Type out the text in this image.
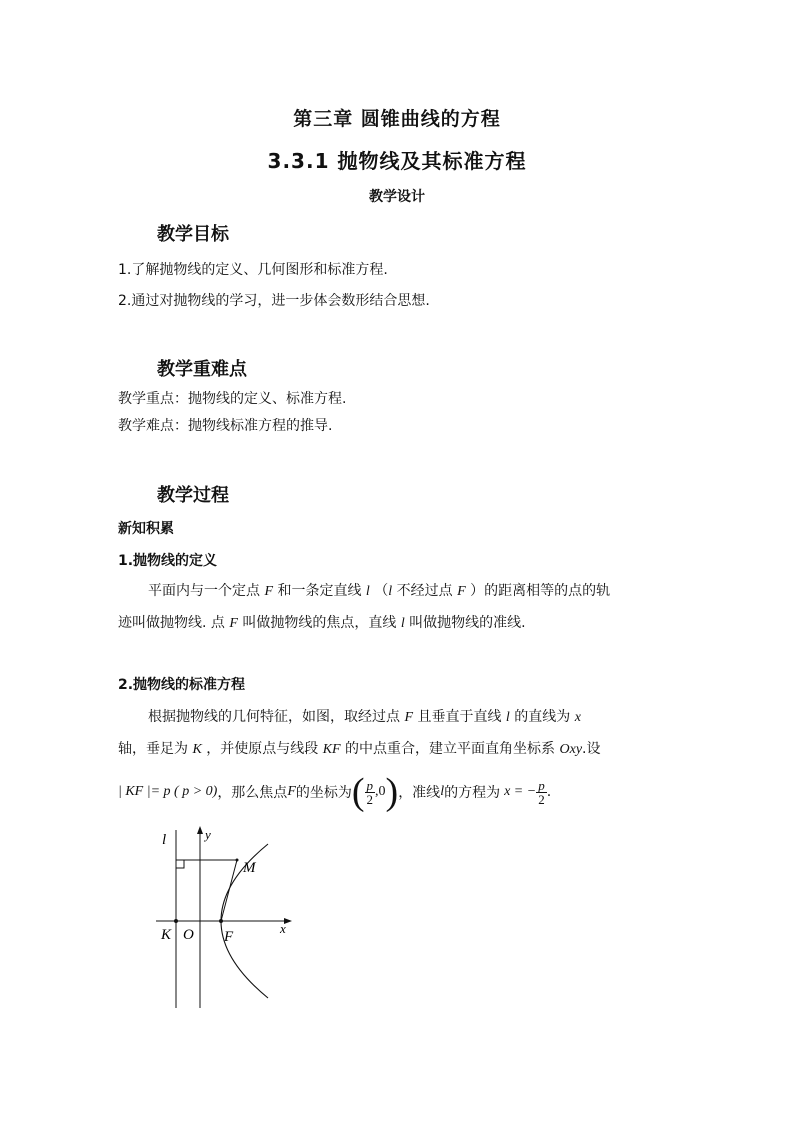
第三章 圆锥曲线的方程
3.3.1 抛物线及其标准方程
教学设计
教学目标
1.了解抛物线的定义、几何图形和标准方程.
2.通过对抛物线的学习，进一步体会数形结合思想.
教学重难点
教学重点：抛物线的定义、标准方程.
教学难点：抛物线标准方程的推导.
教学过程
新知积累
1.抛物线的定义
平面内与一个定点 F 和一条定直线 l （l 不经过点 F ）的距离相等的点的轨
迹叫做抛物线. 点 F 叫做抛物线的焦点，直线 l 叫做抛物线的准线.
2.抛物线的标准方程
根据抛物线的几何特征，如图，取经过点 F 且垂直于直线 l 的直线为 x
轴，垂足为 K ，并使原点与线段 KF 的中点重合，建立平面直角坐标系 Oxy.设
| KF |= p ( p > 0) ，那么焦点 F 的坐标为 ( $\frac{p}{2} ,0$ ) ，准线 l 的方程为 x = − $\frac{p}{2}$ .
l	y
M
K O F
x
